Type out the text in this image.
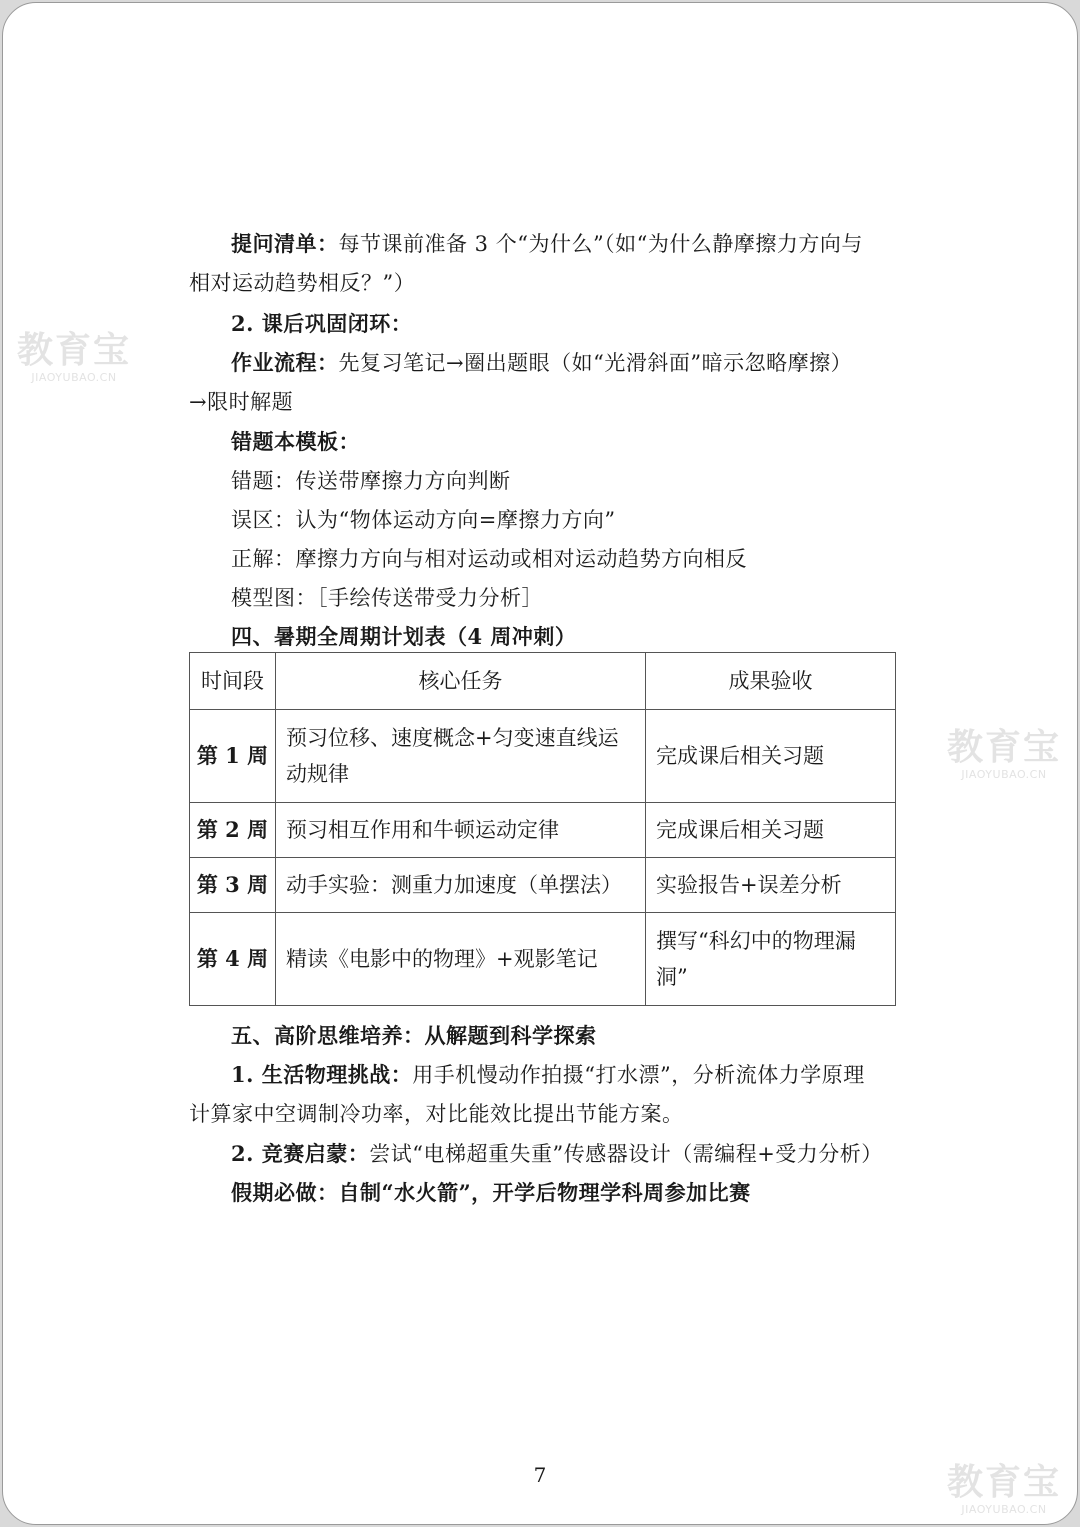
教育宝
JIAOYUBAO.CN
教育宝
JIAOYUBAO.CN
教育宝
JIAOYUBAO.CN
提问清单：每节课前准备 3 个“为什么”（如“为什么静摩擦力方向与
相对运动趋势相反？”）
2. 课后巩固闭环：
作业流程：先复习笔记→圈出题眼（如“光滑斜面”暗示忽略摩擦）
→限时解题
错题本模板：
错题：传送带摩擦力方向判断
误区：认为“物体运动方向=摩擦力方向”
正解：摩擦力方向与相对运动或相对运动趋势方向相反
模型图：［手绘传送带受力分析］
四、暑期全周期计划表（4 周冲刺）
时间段	核心任务	成果验收
第 1 周	预习位移、速度概念+匀变速直线运动规律	完成课后相关习题
第 2 周	预习相互作用和牛顿运动定律	完成课后相关习题
第 3 周	动手实验：测重力加速度（单摆法）	实验报告+误差分析
第 4 周	精读《电影中的物理》+观影笔记	撰写“科幻中的物理漏洞”
五、高阶思维培养：从解题到科学探索
1. 生活物理挑战：用手机慢动作拍摄“打水漂”，分析流体力学原理
计算家中空调制冷功率，对比能效比提出节能方案。
2. 竞赛启蒙：尝试“电梯超重失重”传感器设计（需编程+受力分析）
假期必做：自制“水火箭”，开学后物理学科周参加比赛
7
